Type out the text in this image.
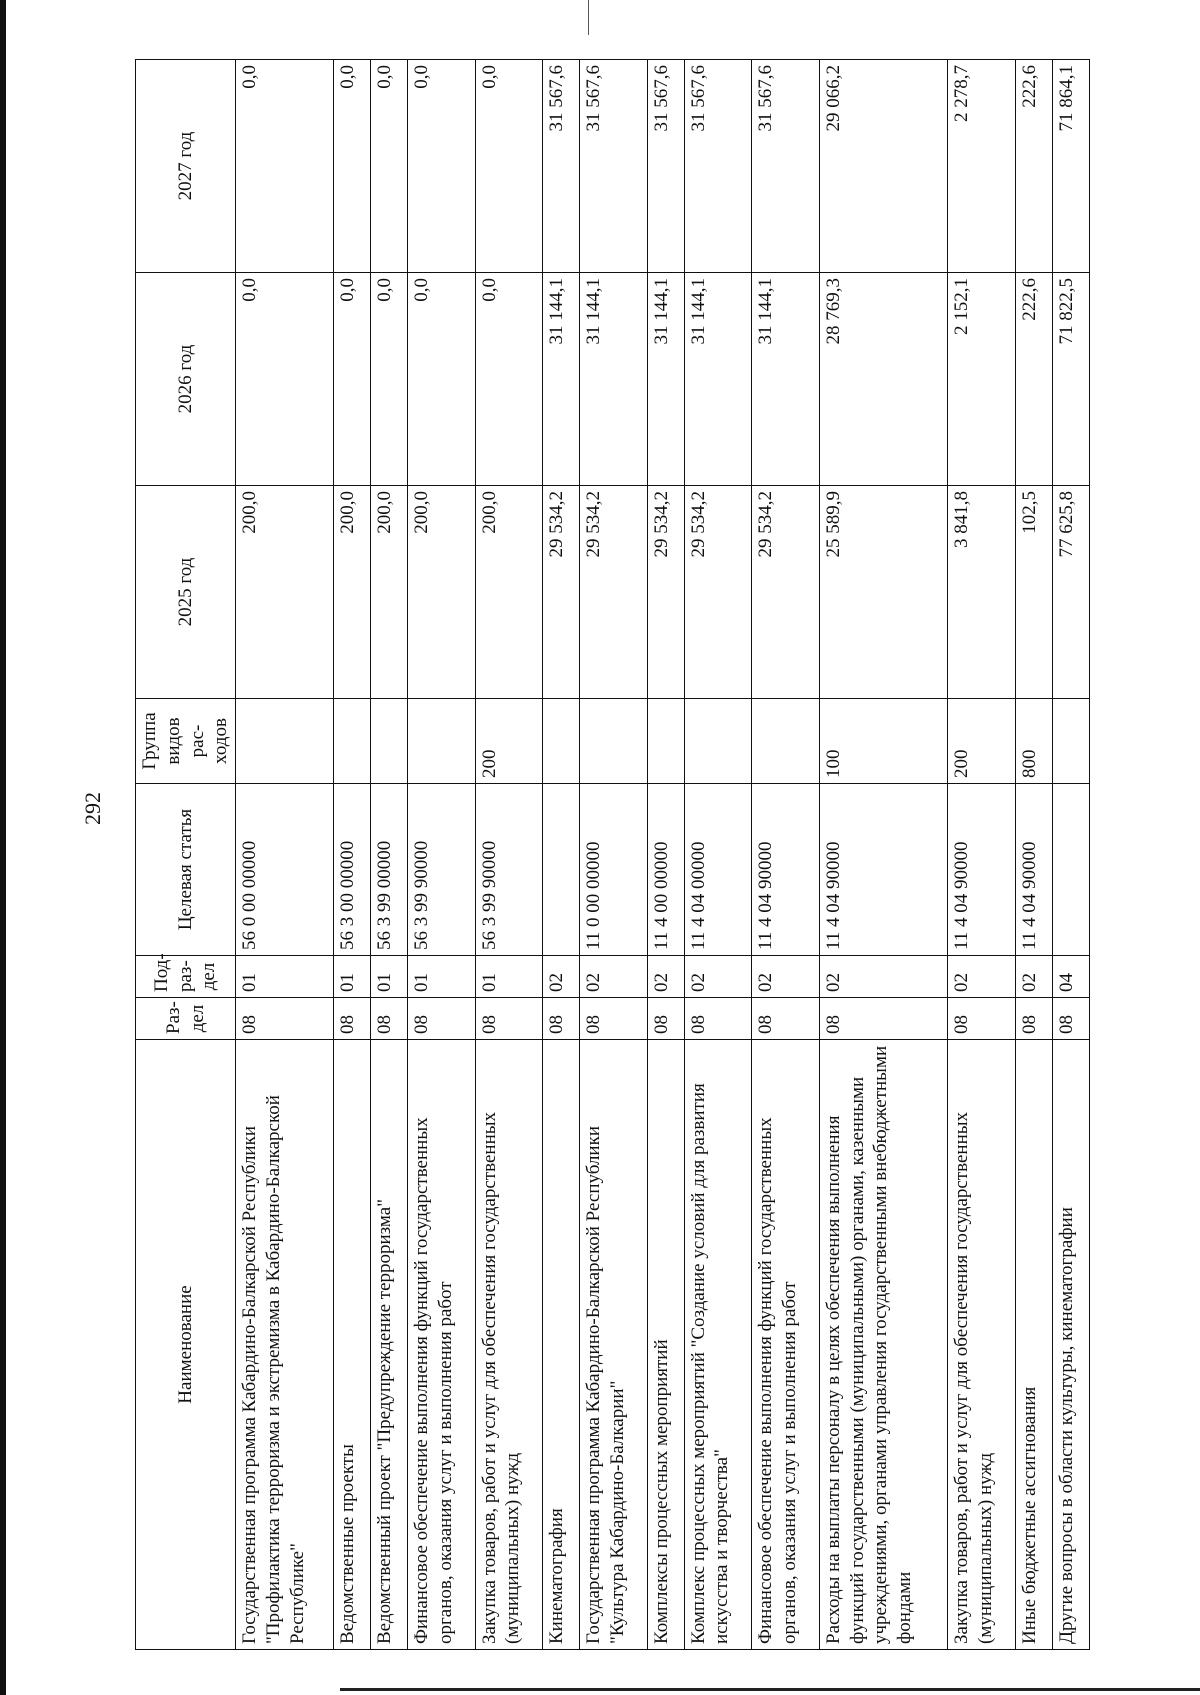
292
Наименование	Раз-дел	Под-раз-дел	Целевая статья	Группа видов рас-ходов	2025 год	2026 год	2027 год
Государственная программа Кабардино-Балкарской Республики "Профилактика терроризма и экстремизма в Кабардино-Балкарской Республике"	08	01	56 0 00 00000		200,0	0,0	0,0
Ведомственные проекты	08	01	56 3 00 00000		200,0	0,0	0,0
Ведомственный проект "Предупреждение терроризма"	08	01	56 3 99 00000		200,0	0,0	0,0
Финансовое обеспечение выполнения функций государственных органов, оказания услуг и выполнения работ	08	01	56 3 99 90000		200,0	0,0	0,0
Закупка товаров, работ и услуг для обеспечения государственных (муниципальных) нужд	08	01	56 3 99 90000	200	200,0	0,0	0,0
Кинематография	08	02			29 534,2	31 144,1	31 567,6
Государственная программа Кабардино-Балкарской Республики "Культура Кабардино-Балкарии"	08	02	11 0 00 00000		29 534,2	31 144,1	31 567,6
Комплексы процессных мероприятий	08	02	11 4 00 00000		29 534,2	31 144,1	31 567,6
Комплекс процессных мероприятий "Создание условий для развития искусства и творчества"	08	02	11 4 04 00000		29 534,2	31 144,1	31 567,6
Финансовое обеспечение выполнения функций государственных органов, оказания услуг и выполнения работ	08	02	11 4 04 90000		29 534,2	31 144,1	31 567,6
Расходы на выплаты персоналу в целях обеспечения выполнения функций государственными (муниципальными) органами, казенными учреждениями, органами управления государственными внебюджетными фондами	08	02	11 4 04 90000	100	25 589,9	28 769,3	29 066,2
Закупка товаров, работ и услуг для обеспечения государственных (муниципальных) нужд	08	02	11 4 04 90000	200	3 841,8	2 152,1	2 278,7
Иные бюджетные ассигнования	08	02	11 4 04 90000	800	102,5	222,6	222,6
Другие вопросы в области культуры, кинематографии	08	04			77 625,8	71 822,5	71 864,1
